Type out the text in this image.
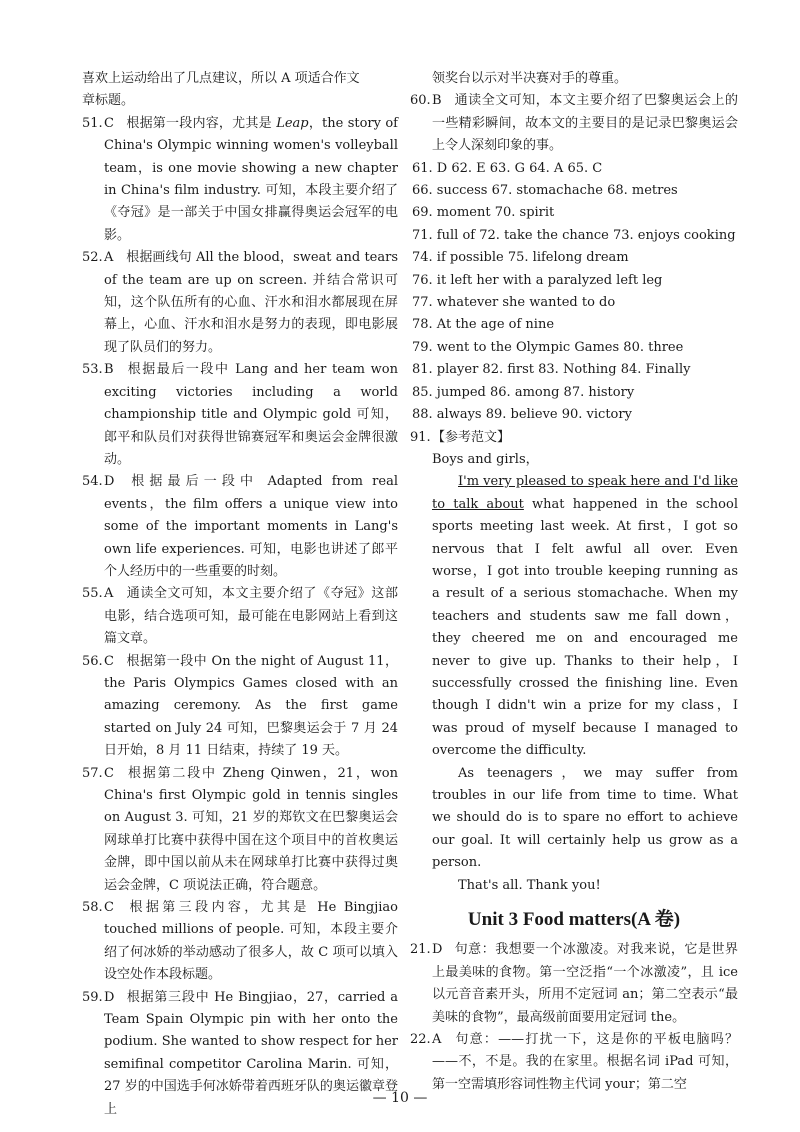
喜欢上运动给出了几点建议，所以 A 项适合作文

章标题。

51. C 根据第一段内容，尤其是 Leap，the story of China's Olympic winning women's volleyball team，is one movie showing a new chapter in China's film industry. 可知，本段主要介绍了《夺冠》是一部关于中国女排赢得奥运会冠军的电影。
52. A 根据画线句 All the blood，sweat and tears of the team are up on screen. 并结合常识可知，这个队伍所有的心血、汗水和泪水都展现在屏幕上，心血、汗水和泪水是努力的表现，即电影展现了队员们的努力。
53. B 根据最后一段中 Lang and her team won exciting victories including a world championship title and Olympic gold 可知，郎平和队员们对获得世锦赛冠军和奥运会金牌很激动。
54. D 根据最后一段中 Adapted from real events，the film offers a unique view into some of the important moments in Lang's own life experiences. 可知，电影也讲述了郎平个人经历中的一些重要的时刻。
55. A 通读全文可知，本文主要介绍了《夺冠》这部电影，结合选项可知，最可能在电影网站上看到这篇文章。
56. C 根据第一段中 On the night of August 11，the Paris Olympics Games closed with an amazing ceremony. As the first game started on July 24 可知，巴黎奥运会于 7 月 24 日开始，8 月 11 日结束，持续了 19 天。
57. C 根据第二段中 Zheng Qinwen，21，won China's first Olympic gold in tennis singles on August 3. 可知，21 岁的郑钦文在巴黎奥运会网球单打比赛中获得中国在这个项目中的首枚奥运金牌，即中国以前从未在网球单打比赛中获得过奥运会金牌，C 项说法正确，符合题意。
58. C 根据第三段内容，尤其是 He Bingjiao touched millions of people. 可知，本段主要介绍了何冰娇的举动感动了很多人，故 C 项可以填入设空处作本段标题。
59. D 根据第三段中 He Bingjiao，27，carried a Team Spain Olympic pin with her onto the podium. She wanted to show respect for her semifinal competitor Carolina Marin. 可知，27 岁的中国选手何冰娇带着西班牙队的奥运徽章登上

领奖台以示对半决赛对手的尊重。

60. B 通读全文可知，本文主要介绍了巴黎奥运会上的一些精彩瞬间，故本文的主要目的是记录巴黎奥运会上令人深刻印象的事。

61. D 62. E 63. G 64. A 65. C

66. success 67. stomachache 68. metres

69. moment 70. spirit

71. full of 72. take the chance 73. enjoys cooking

74. if possible 75. lifelong dream

76. it left her with a paralyzed left leg

77. whatever she wanted to do

78. At the age of nine

79. went to the Olympic Games 80. three

81. player 82. first 83. Nothing 84. Finally

85. jumped 86. among 87. history

88. always 89. believe 90. victory

91. 【参考范文】

Boys and girls，

I'm very pleased to speak here and I'd like to talk about what happened in the school sports meeting last week. At first，I got so nervous that I felt awful all over. Even worse，I got into trouble keeping running as a result of a serious stomachache. When my teachers and students saw me fall down，they cheered me on and encouraged me never to give up. Thanks to their help，I successfully crossed the finishing line. Even though I didn't win a prize for my class，I was proud of myself because I managed to overcome the difficulty.

As teenagers，we may suffer from troubles in our life from time to time. What we should do is to spare no effort to achieve our goal. It will certainly help us grow as a person.

That's all. Thank you!

Unit 3 Food matters(A 卷)
21. D 句意：我想要一个冰激凌。对我来说，它是世界上最美味的食物。第一空泛指“一个冰激凌”，且 ice 以元音音素开头，所用不定冠词 an；第二空表示“最美味的食物”，最高级前面要用定冠词 the。
22. A 句意：——打扰一下，这是你的平板电脑吗？——不，不是。我的在家里。根据名词 iPad 可知，第一空需填形容词性物主代词 your；第二空
— 10 —
